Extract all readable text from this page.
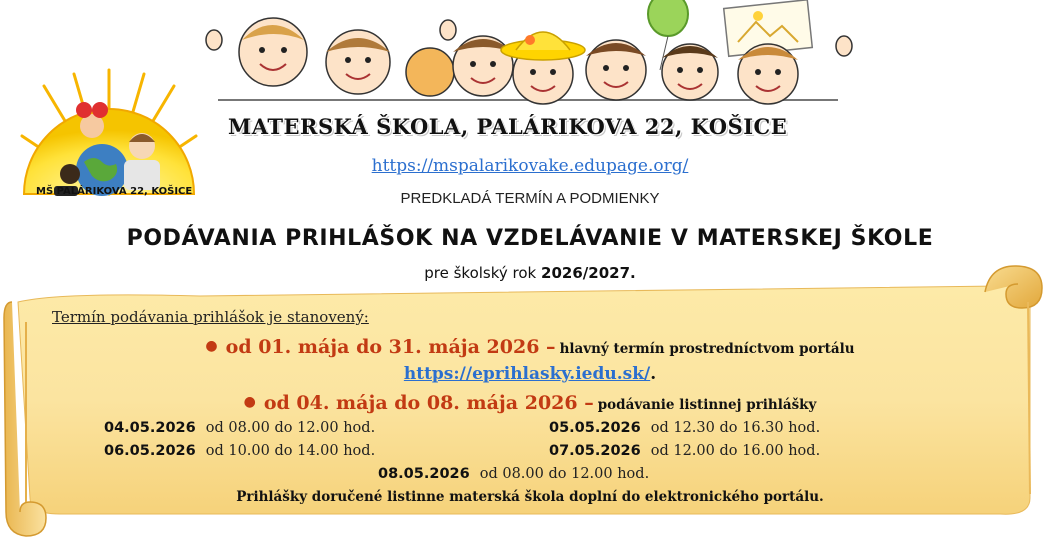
MŠ PALÁRIKOVA 22, KOŠICE
MATERSKÁ ŠKOLA, PALÁRIKOVA 22, KOŠICE
https://mspalarikovake.edupage.org/
PREDKLADÁ TERMÍN A PODMIENKY
PODÁVANIA PRIHLÁŠOK NA VZDELÁVANIE V MATERSKEJ ŠKOLE
pre školský rok 2026/2027.
Termín podávania prihlášok je stanovený:
● od 01. mája do 31. mája 2026 – hlavný termín prostredníctvom portálu
https://eprihlasky.iedu.sk/.
● od 04. mája do 08. mája 2026 – podávanie listinnej prihlášky
04.05.2026 od 08.00 do 12.00 hod.	05.05.2026 od 12.30 do 16.30 hod.
06.05.2026 od 10.00 do 14.00 hod.	07.05.2026 od 12.00 do 16.00 hod.
08.05.2026 od 08.00 do 12.00 hod.
Prihlášky doručené listinne materská škola doplní do elektronického portálu.
